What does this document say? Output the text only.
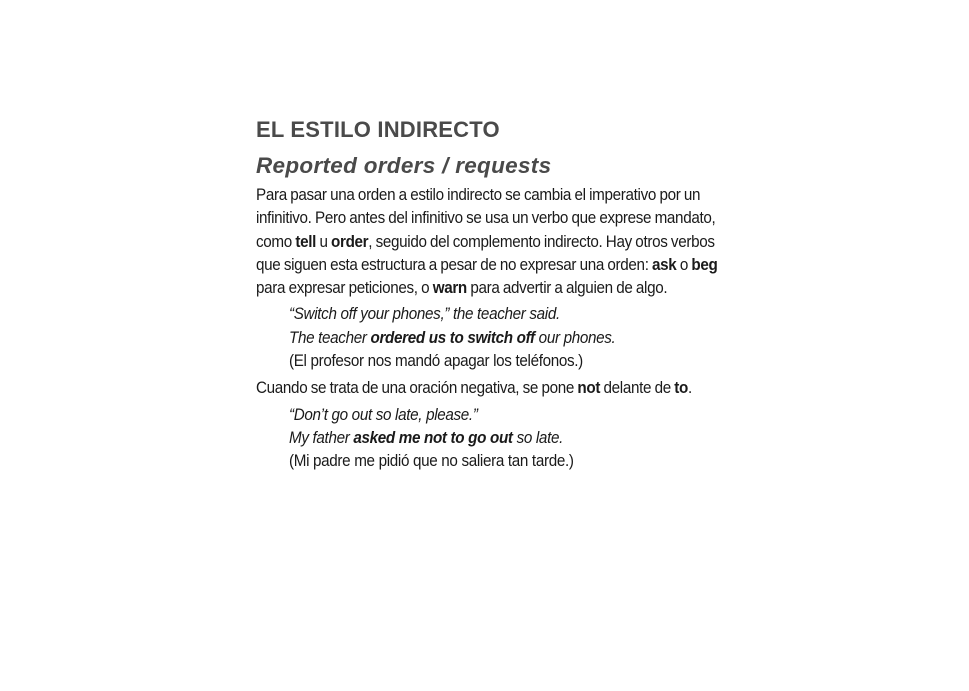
EL ESTILO INDIRECTO
Reported orders / requests

Para pasar una orden a estilo indirecto se cambia el imperativo por un infinitivo. Pero antes del infinitivo se usa un verbo que exprese mandato, como tell u order, seguido del complemento indirecto. Hay otros verbos que siguen esta estructura a pesar de no expresar una orden: ask o beg para expresar peticiones, o warn para advertir a alguien de algo.

“Switch off your phones,” the teacher said.
The teacher ordered us to switch off our phones.
(El profesor nos mandó apagar los teléfonos.)

Cuando se trata de una oración negativa, se pone not delante de to.

“Don’t go out so late, please.”
My father asked me not to go out so late.
(Mi padre me pidió que no saliera tan tarde.)
